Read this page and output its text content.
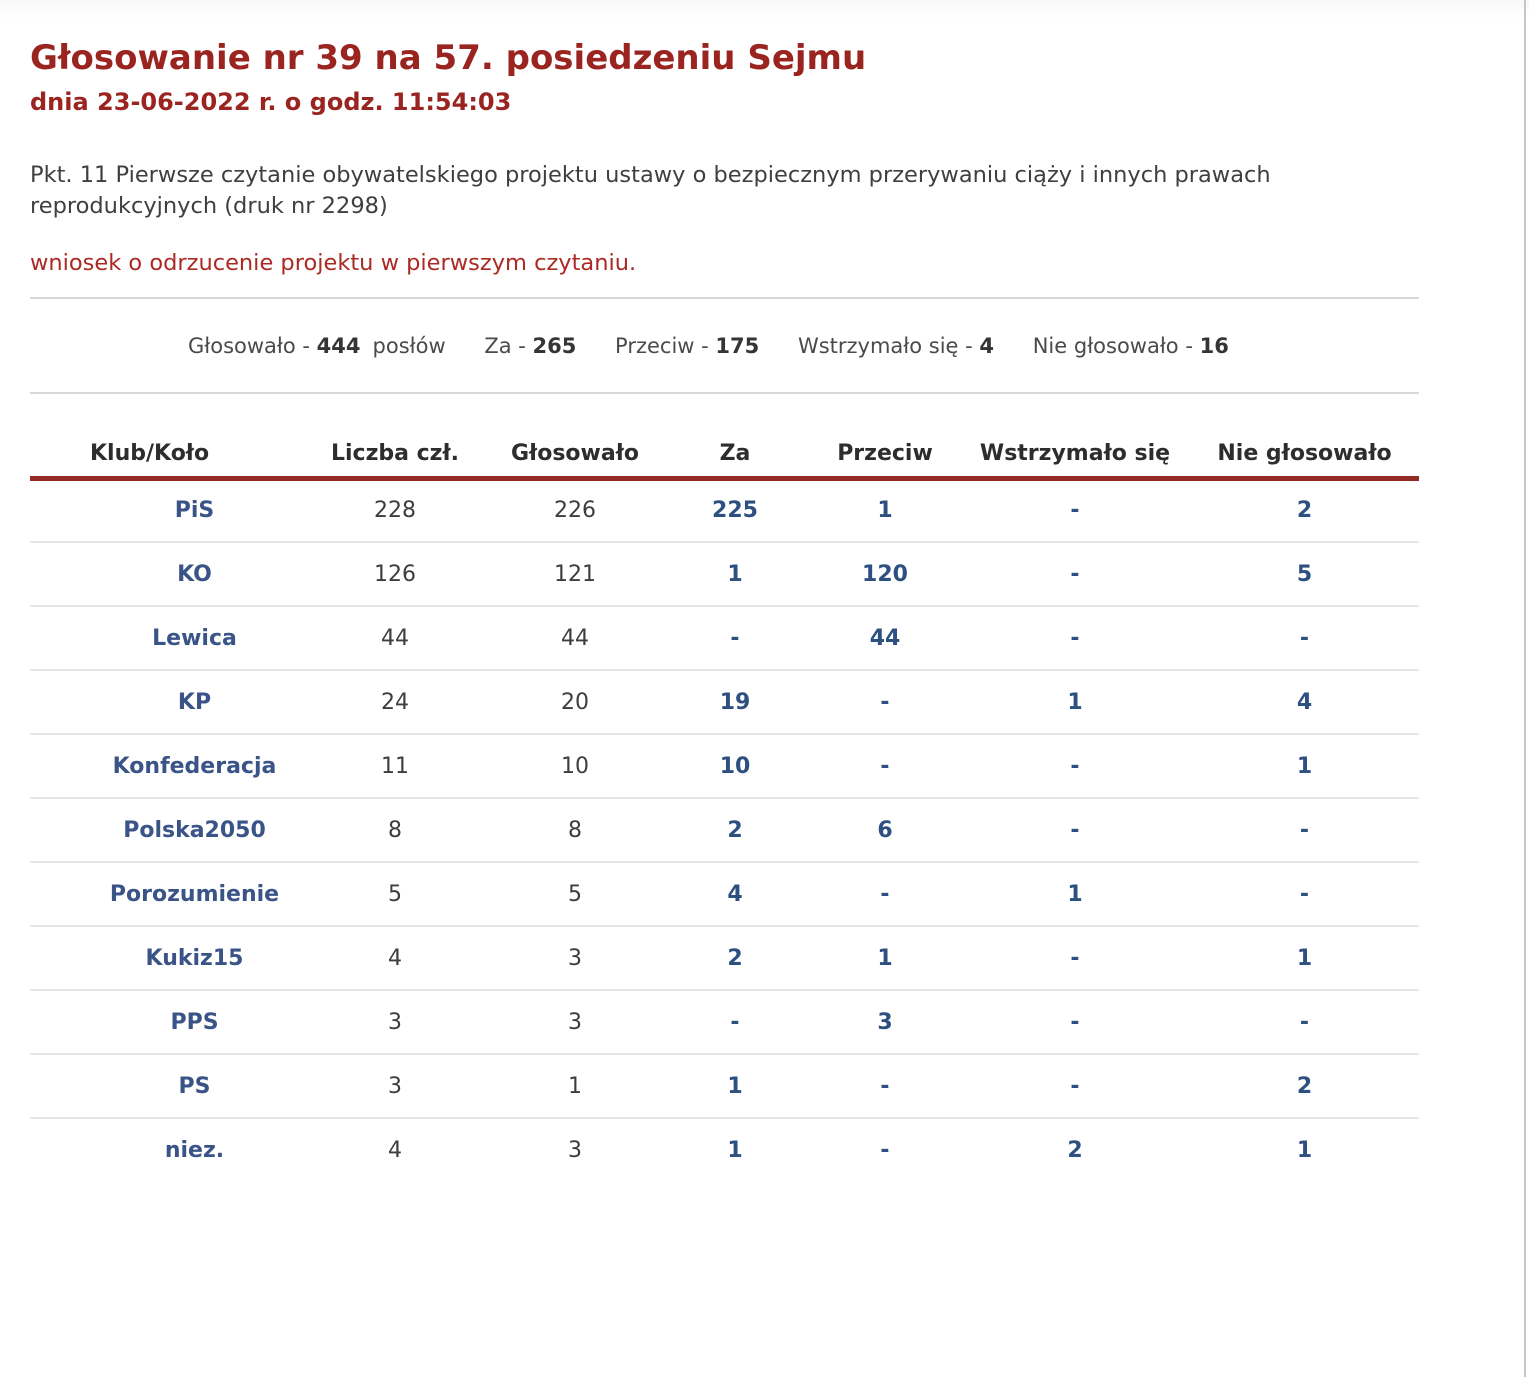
Głosowanie nr 39 na 57. posiedzeniu Sejmu
dnia 23-06-2022 r. o godz. 11:54:03

Pkt. 11 Pierwsze czytanie obywatelskiego projektu ustawy o bezpiecznym przerywaniu ciąży i innych prawach reprodukcyjnych (druk nr 2298)

wniosek o odrzucenie projektu w pierwszym czytaniu.
Głosowało - 444 posłów Za - 265 Przeciw - 175 Wstrzymało się - 4 Nie głosowało - 16
Klub/Koło	Liczba czł.	Głosowało	Za	Przeciw	Wstrzymało się	Nie głosowało
PiS	228	226	225	1	-	2
KO	126	121	1	120	-	5
Lewica	44	44	-	44	-	-
KP	24	20	19	-	1	4
Konfederacja	11	10	10	-	-	1
Polska2050	8	8	2	6	-	-
Porozumienie	5	5	4	-	1	-
Kukiz15	4	3	2	1	-	1
PPS	3	3	-	3	-	-
PS	3	1	1	-	-	2
niez.	4	3	1	-	2	1
